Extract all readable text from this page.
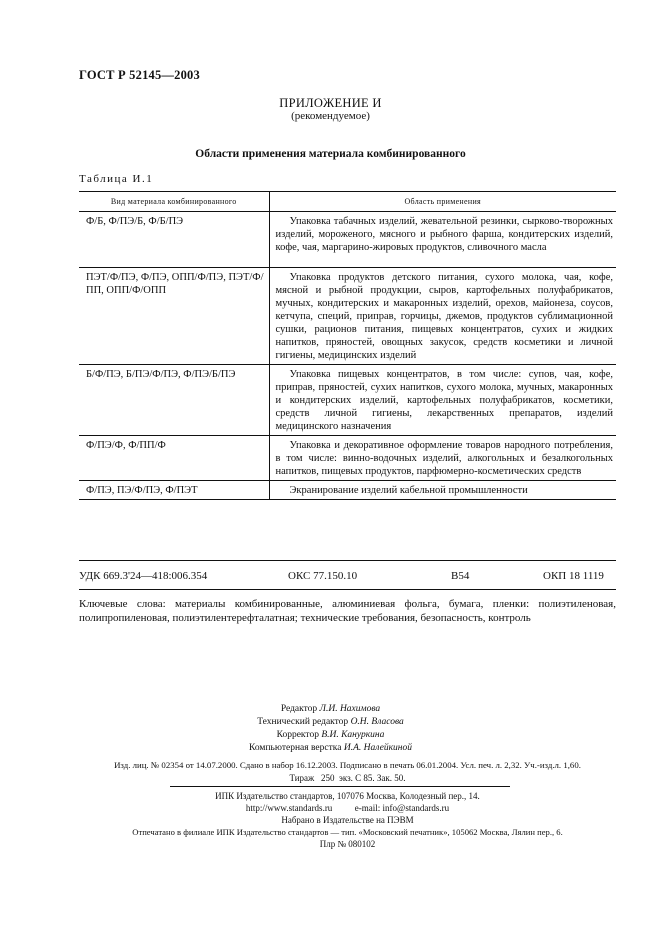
ГОСТ Р 52145—2003
ПРИЛОЖЕНИЕ И
(рекомендуемое)
Области применения материала комбинированного
Таблица И.1
Вид материала комбинированного	Область применения
Ф/Б, Ф/ПЭ/Б, Ф/Б/ПЭ	Упаковка табачных изделий, жевательной резинки, сырково-творожных изделий, мороженого, мясного и рыбного фарша, кондитерских изделий, кофе, чая, маргарино-жировых продуктов, сливочного масла
ПЭТ/Ф/ПЭ, Ф/ПЭ, ОПП/Ф/ПЭ, ПЭТ/Ф/ПП, ОПП/Ф/ОПП	Упаковка продуктов детского питания, сухого молока, чая, кофе, мясной и рыбной продукции, сыров, картофельных полуфабрикатов, мучных, кондитерских и макаронных изделий, орехов, майонеза, соусов, кетчупа, специй, приправ, горчицы, джемов, продуктов сублимационной сушки, рационов питания, пищевых концентратов, сухих и жидких напитков, пряностей, овощных закусок, средств косметики и личной гигиены, медицинских изделий
Б/Ф/ПЭ, Б/ПЭ/Ф/ПЭ, Ф/ПЭ/Б/ПЭ	Упаковка пищевых концентратов, в том числе: супов, чая, кофе, приправ, пряностей, сухих напитков, сухого молока, мучных, макаронных и кондитерских изделий, картофельных полуфабрикатов, косметики, средств личной гигиены, лекарственных препаратов, изделий медицинского назначения
Ф/ПЭ/Ф, Ф/ПП/Ф	Упаковка и декоративное оформление товаров народного потребления, в том числе: винно-водочных изделий, алкогольных и безалкогольных напитков, пищевых продуктов, парфюмерно-косметических средств
Ф/ПЭ, ПЭ/Ф/ПЭ, Ф/ПЭТ	Экранирование изделий кабельной промышленности
УДК 669.3'24—418:006.354	ОКС 77.150.10	В54	ОКП 18 1119
Ключевые слова: материалы комбинированные, алюминиевая фольга, бумага, пленки: полиэтиленовая, полипропиленовая, полиэтилентерефталатная; технические требования, безопасность, контроль
Редактор Л.И. Нахимова
Технический редактор О.Н. Власова
Корректор В.И. Кануркина
Компьютерная верстка И.А. Налейкиной
Изд. лиц. № 02354 от 14.07.2000. Сдано в набор 16.12.2003. Подписано в печать 06.01.2004. Усл. печ. л. 2,32. Уч.-изд.л. 1,60.
Тираж   250  экз. С 85. Зак. 50.
ИПК Издательство стандартов, 107076 Москва, Колодезный пер., 14.
http://www.standards.ru          e-mail: info@standards.ru
Набрано в Издательстве на ПЭВМ
Отпечатано в филиале ИПК Издательство стандартов — тип. «Московский печатник», 105062 Москва, Лялин пер., 6.
Плр № 080102
